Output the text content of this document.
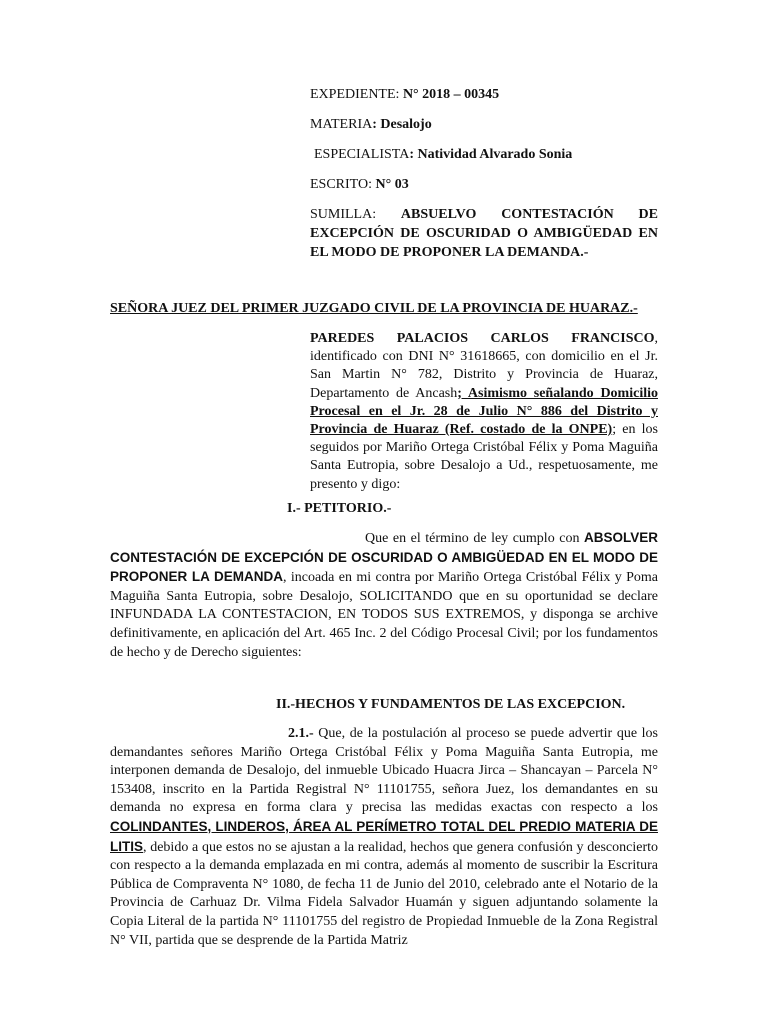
EXPEDIENTE: N° 2018 – 00345
MATERIA: Desalojo
ESPECIALISTA: Natividad Alvarado Sonia
ESCRITO: N° 03
SUMILLA: ABSUELVO CONTESTACIÓN DE
EXCEPCIÓN DE OSCURIDAD O AMBIGÜEDAD EN EL MODO DE PROPONER LA DEMANDA.-
SEÑORA JUEZ DEL PRIMER JUZGADO CIVIL DE LA PROVINCIA DE HUARAZ.-
PAREDES PALACIOS CARLOS FRANCISCO, identificado con DNI N° 31618665, con domicilio en el Jr. San Martin N° 782, Distrito y Provincia de Huaraz, Departamento de Ancash; Asimismo señalando Domicilio Procesal en el Jr. 28 de Julio N° 886 del Distrito y Provincia de Huaraz (Ref. costado de la ONPE); en los seguidos por Mariño Ortega Cristóbal Félix y Poma Maguiña Santa Eutropia, sobre Desalojo a Ud., respetuosamente, me presento y digo:
I.- PETITORIO.-
Que en el término de ley cumplo con ABSOLVER CONTESTACIÓN DE EXCEPCIÓN DE OSCURIDAD O AMBIGÜEDAD EN EL MODO DE PROPONER LA DEMANDA, incoada en mi contra por Mariño Ortega Cristóbal Félix y Poma Maguiña Santa Eutropia, sobre Desalojo, SOLICITANDO que en su oportunidad se declare INFUNDADA LA CONTESTACION, EN TODOS SUS EXTREMOS, y disponga se archive definitivamente, en aplicación del Art. 465 Inc. 2 del Código Procesal Civil; por los fundamentos de hecho y de Derecho siguientes:
II.-HECHOS Y FUNDAMENTOS DE LAS EXCEPCION.
2.1.- Que, de la postulación al proceso se puede advertir que los demandantes señores Mariño Ortega Cristóbal Félix y Poma Maguiña Santa Eutropia, me interponen demanda de Desalojo, del inmueble Ubicado Huacra Jirca – Shancayan – Parcela N° 153408, inscrito en la Partida Registral N° 11101755, señora Juez, los demandantes en su demanda no expresa en forma clara y precisa las medidas exactas con respecto a los COLINDANTES, LINDEROS, ÁREA AL PERÍMETRO TOTAL DEL PREDIO MATERIA DE LITIS, debido a que estos no se ajustan a la realidad, hechos que genera confusión y desconcierto con respecto a la demanda emplazada en mi contra, además al momento de suscribir la Escritura Pública de Compraventa N° 1080, de fecha 11 de Junio del 2010, celebrado ante el Notario de la Provincia de Carhuaz Dr. Vilma Fidela Salvador Huamán y siguen adjuntando solamente la Copia Literal de la partida N° 11101755 del registro de Propiedad Inmueble de la Zona Registral N° VII, partida que se desprende de la Partida Matriz
